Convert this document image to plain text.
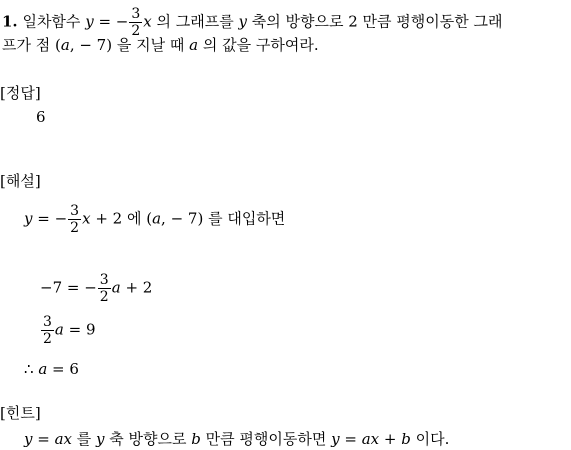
1. 일차함수 y = − $\frac{3}{2}$ x 의 그래프를 y 축의 방향으로 2 만큼 평행이동한 그래
프가 점 (a, − 7) 을 지날 때 a 의 값을 구하여라.
[정답]
6
[해설]
y = − $\frac{3}{2}$ x + 2 에 (a, − 7) 를 대입하면
−7 = − $\frac{3}{2}$ a + 2
$\frac{3}{2}$ a = 9
∴ a = 6
[힌트]
y = ax 를 y 축 방향으로 b 만큼 평행이동하면 y = ax + b 이다.
